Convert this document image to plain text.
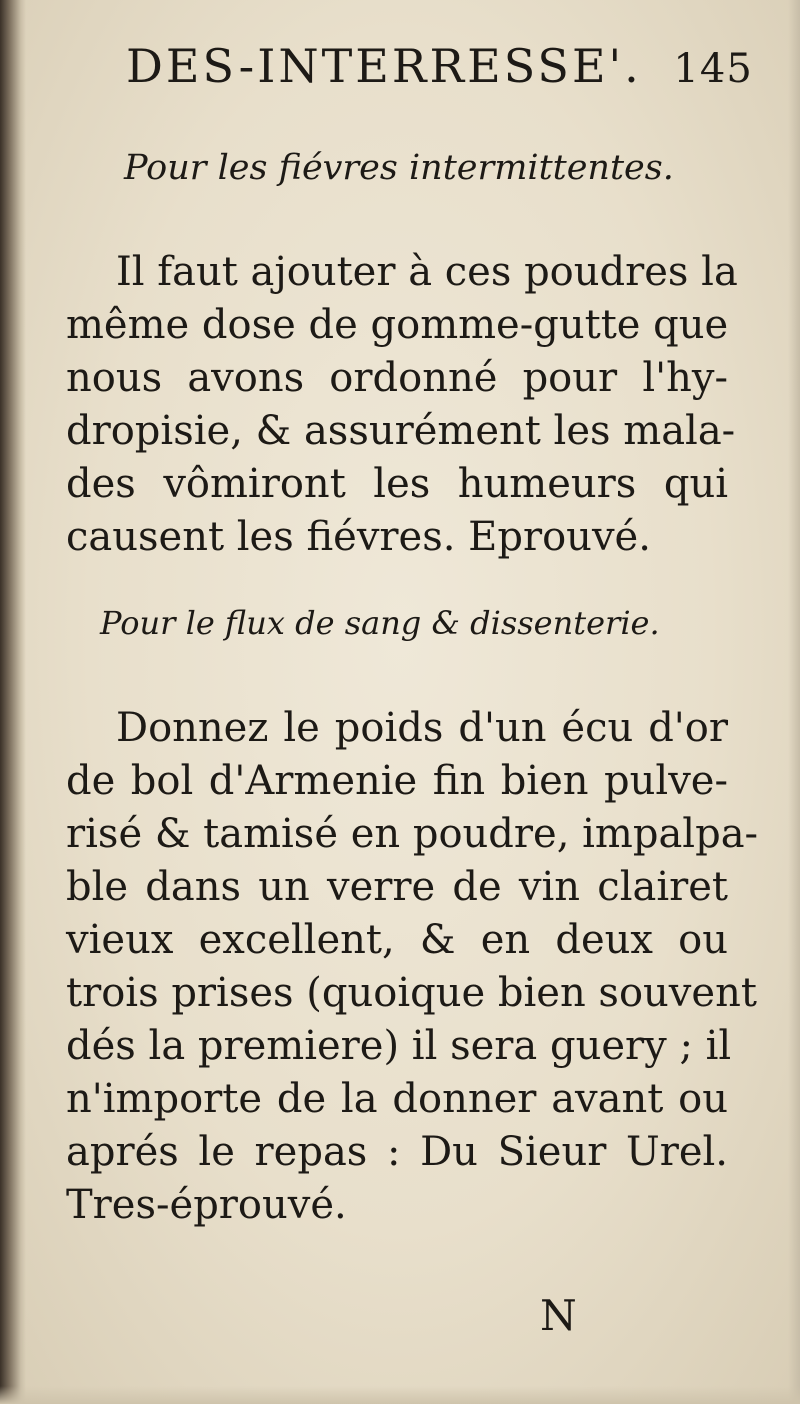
DES-INTERRESSE'. 145
Pour les fiévres intermittentes.
Il faut ajouter à ces poudres la
même dose de gomme-gutte que
nous avons ordonné pour l'hy-
dropisie, & assurément les mala-
des vômiront les humeurs qui
causent les fiévres. Eprouvé.
Pour le flux de sang & dissenterie.
Donnez le poids d'un écu d'or
de bol d'Armenie fin bien pulve-
risé & tamisé en poudre, impalpa-
ble dans un verre de vin clairet
vieux excellent, & en deux ou
trois prises (quoique bien souvent
dés la premiere) il sera guery ; il
n'importe de la donner avant ou
aprés le repas : Du Sieur Urel.
Tres-éprouvé.
N
